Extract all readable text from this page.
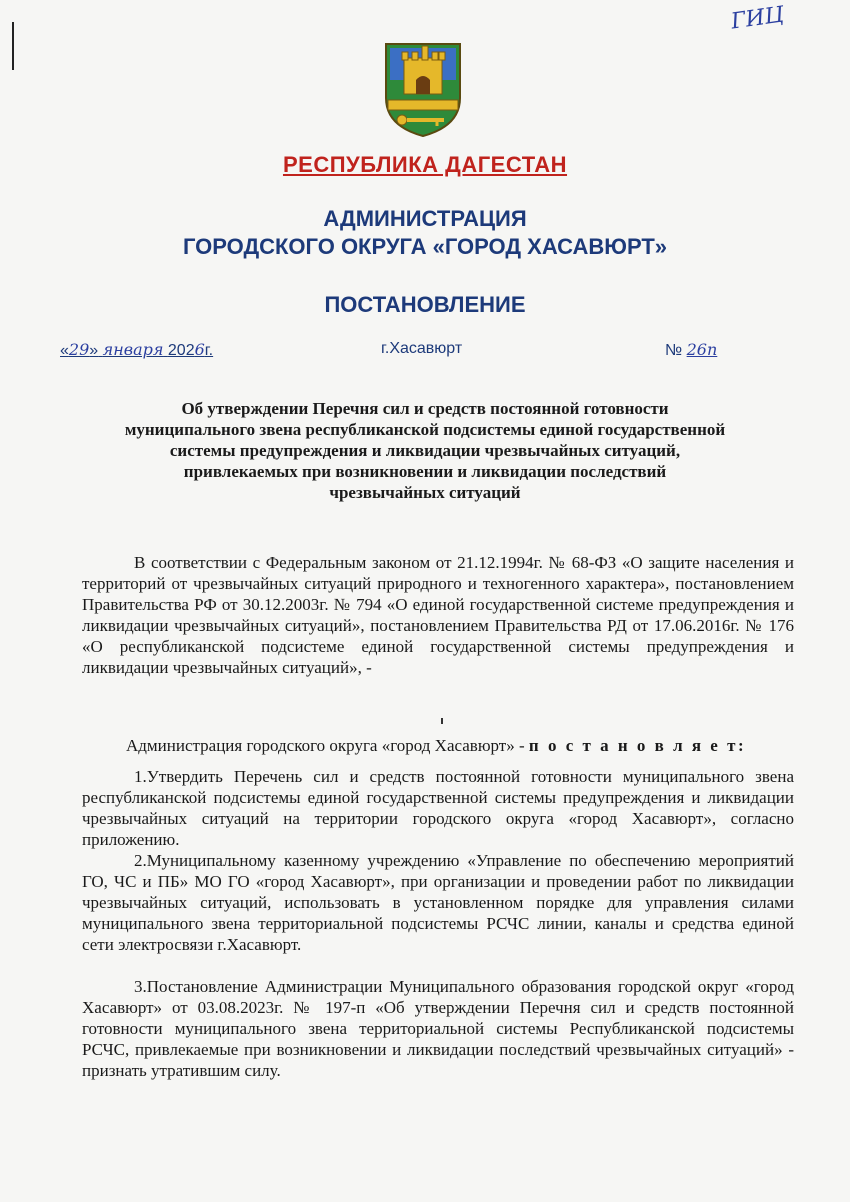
ГИЦ
РЕСПУБЛИКА ДАГЕСТАН
АДМИНИСТРАЦИЯ
ГОРОДСКОГО ОКРУГА «ГОРОД ХАСАВЮРТ»
ПОСТАНОВЛЕНИЕ
«29» января 2026г.	г.Хасавюрт	№ 26п
Об утверждении Перечня сил и средств постоянной готовности
муниципального звена республиканской подсистемы единой государственной
системы предупреждения и ликвидации чрезвычайных ситуаций,
привлекаемых при возникновении и ликвидации последствий
чрезвычайных ситуаций
В соответствии с Федеральным законом от 21.12.1994г. № 68-ФЗ «О защите населения и территорий от чрезвычайных ситуаций природного и техногенного характера», постановлением Правительства РФ от 30.12.2003г. № 794 «О единой государственной системе предупреждения и ликвидации чрезвычайных ситуаций», постановлением Правительства РД от 17.06.2016г. № 176 «О республиканской подсистеме единой государственной системы предупреждения и ликвидации чрезвычайных ситуаций», -
Администрация городского округа «город Хасавюрт» - п о с т а н о в л я е т:
1.Утвердить Перечень сил и средств постоянной готовности муниципального звена республиканской подсистемы единой государственной системы предупреждения и ликвидации чрезвычайных ситуаций на территории городского округа «город Хасавюрт», согласно приложению.
2.Муниципальному казенному учреждению «Управление по обеспечению мероприятий ГО, ЧС и ПБ» МО ГО «город Хасавюрт», при организации и проведении работ по ликвидации чрезвычайных ситуаций, использовать в установленном порядке для управления силами муниципального звена территориальной подсистемы РСЧС линии, каналы и средства единой сети электросвязи г.Хасавюрт.
3.Постановление Администрации Муниципального образования городской округ «город Хасавюрт» от 03.08.2023г. № 197-п «Об утверждении Перечня сил и средств постоянной готовности муниципального звена территориальной системы Республиканской подсистемы РСЧС, привлекаемые при возникновении и ликвидации последствий чрезвычайных ситуаций» - признать утратившим силу.
